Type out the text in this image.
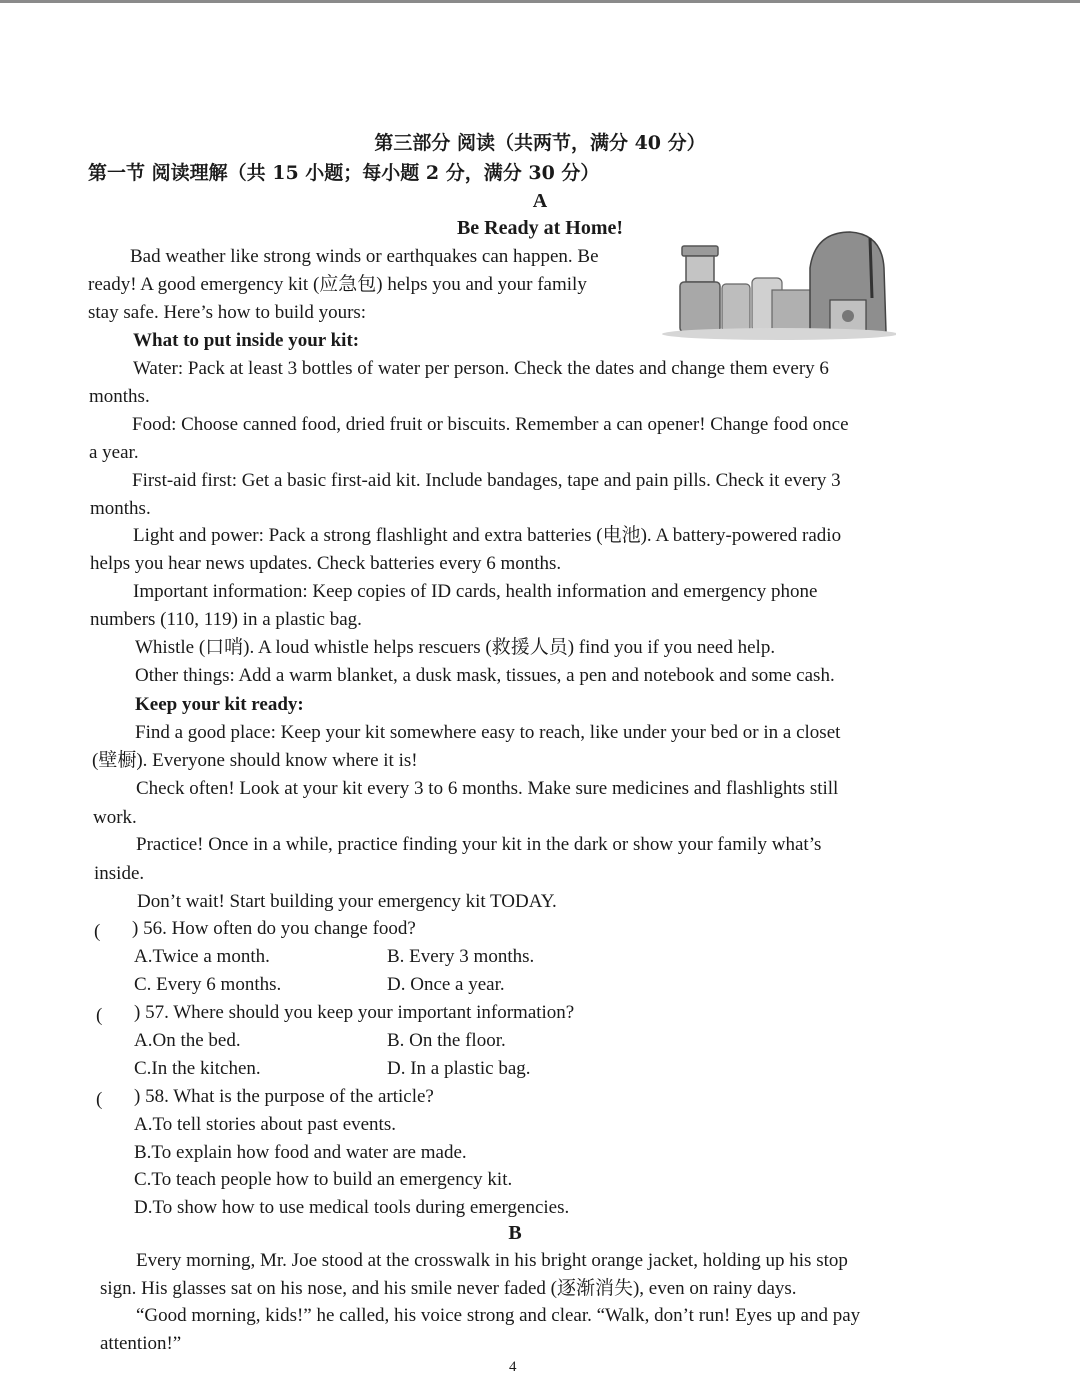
第三部分 阅读（共两节，满分 40 分）
第一节 阅读理解（共 15 小题；每小题 2 分，满分 30 分）
A
Be Ready at Home!
Bad weather like strong winds or earthquakes can happen. Be
ready! A good emergency kit (应急包) helps you and your family
stay safe. Here’s how to build yours:
What to put inside your kit:
Water: Pack at least 3 bottles of water per person. Check the dates and change them every 6
months.
Food: Choose canned food, dried fruit or biscuits. Remember a can opener! Change food once
a year.
First-aid first: Get a basic first-aid kit. Include bandages, tape and pain pills. Check it every 3
months.
Light and power: Pack a strong flashlight and extra batteries (电池). A battery-powered radio
helps you hear news updates. Check batteries every 6 months.
Important information: Keep copies of ID cards, health information and emergency phone
numbers (110, 119) in a plastic bag.
Whistle (口哨). A loud whistle helps rescuers (救援人员) find you if you need help.
Other things: Add a warm blanket, a dusk mask, tissues, a pen and notebook and some cash.
Keep your kit ready:
Find a good place: Keep your kit somewhere easy to reach, like under your bed or in a closet
(壁橱). Everyone should know where it is!
Check often! Look at your kit every 3 to 6 months. Make sure medicines and flashlights still
work.
Practice! Once in a while, practice finding your kit in the dark or show your family what’s
inside.
Don’t wait! Start building your emergency kit TODAY.
( ) 56. How often do you change food?
A.Twice a month.	B. Every 3 months.
C. Every 6 months.	D. Once a year.
( ) 57. Where should you keep your important information?
A.On the bed.	B. On the floor.
C.In the kitchen.	D. In a plastic bag.
( ) 58. What is the purpose of the article?
A.To tell stories about past events.
B.To explain how food and water are made.
C.To teach people how to build an emergency kit.
D.To show how to use medical tools during emergencies.
B
Every morning, Mr. Joe stood at the crosswalk in his bright orange jacket, holding up his stop
sign. His glasses sat on his nose, and his smile never faded (逐渐消失), even on rainy days.
“Good morning, kids!” he called, his voice strong and clear. “Walk, don’t run! Eyes up and pay
attention!”
4
